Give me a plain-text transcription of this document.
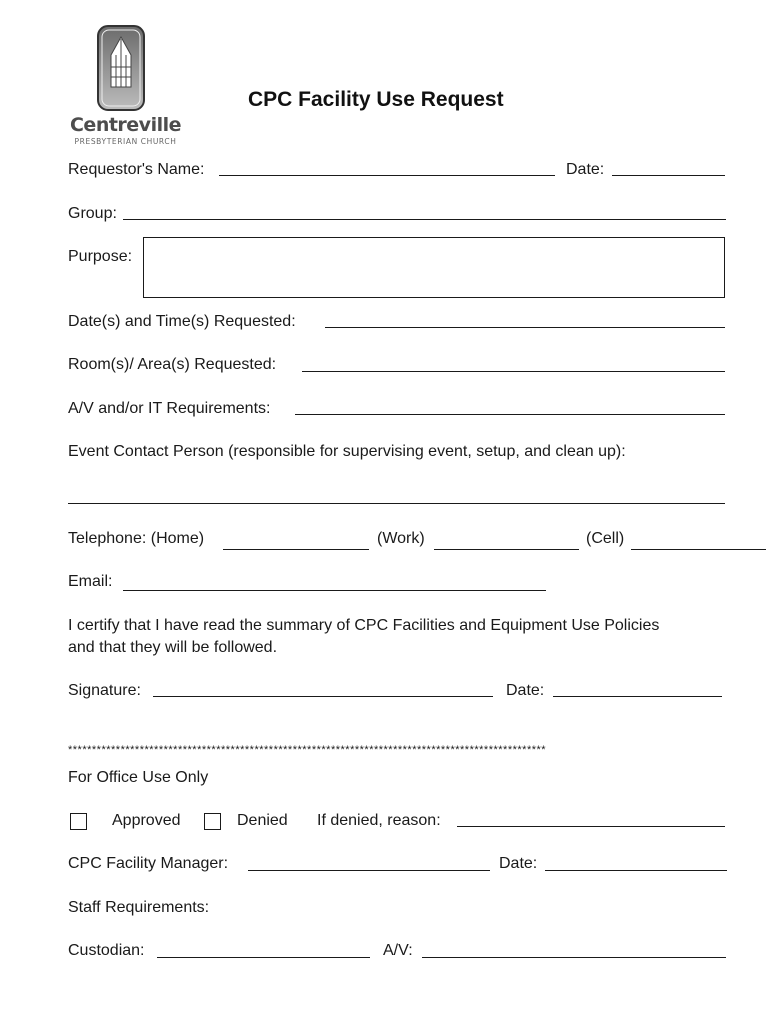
Centreville
PRESBYTERIAN CHURCH
CPC Facility Use Request
Requestor's Name:	Date:
Group:
Purpose:
Date(s) and Time(s) Requested:
Room(s)/ Area(s) Requested:
A/V and/or IT Requirements:
Event Contact Person (responsible for supervising event, setup, and clean up):
Telephone: (Home)	(Work)	(Cell)
Email:
I certify that I have read the summary of CPC Facilities and Equipment Use Policies and that they will be followed.
Signature:	Date:
****************************************************************************************************
For Office Use Only
Approved	Denied If denied, reason:
CPC Facility Manager:	Date:
Staff Requirements:
Custodian:	A/V:
